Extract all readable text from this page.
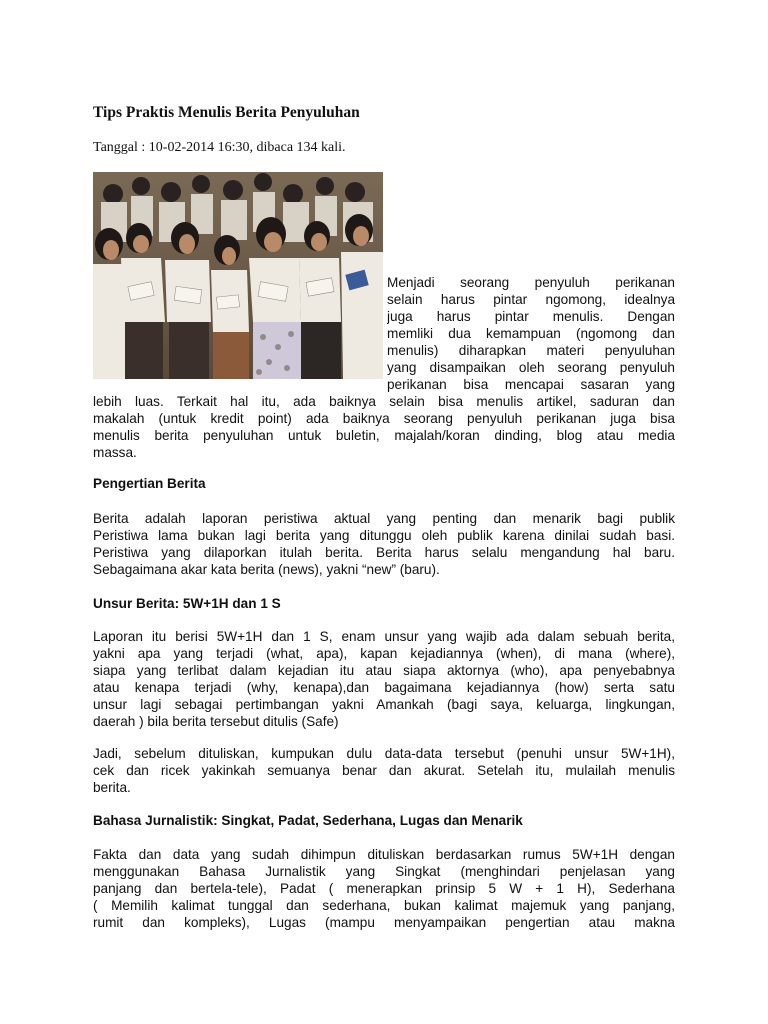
Tips Praktis Menulis Berita Penyuluhan
Tanggal : 10-02-2014 16:30, dibaca 134 kali.
Menjadi seorang penyuluh perikanan
selain harus pintar ngomong, idealnya
juga harus pintar menulis. Dengan
memliki dua kemampuan (ngomong dan
menulis) diharapkan materi penyuluhan
yang disampaikan oleh seorang penyuluh
perikanan bisa mencapai sasaran yang
lebih luas. Terkait hal itu, ada baiknya selain bisa menulis artikel, saduran dan
makalah (untuk kredit point) ada baiknya seorang penyuluh perikanan juga bisa
menulis berita penyuluhan untuk buletin, majalah/koran dinding, blog atau media
massa.
Pengertian Berita
Berita adalah laporan peristiwa aktual yang penting dan menarik bagi publik
Peristiwa lama bukan lagi berita yang ditunggu oleh publik karena dinilai sudah basi.
Peristiwa yang dilaporkan itulah berita. Berita harus selalu mengandung hal baru.
Sebagaimana akar kata berita (news), yakni “new” (baru).
Unsur Berita: 5W+1H dan 1 S
Laporan itu berisi 5W+1H dan 1 S, enam unsur yang wajib ada dalam sebuah berita,
yakni apa yang terjadi (what, apa), kapan kejadiannya (when), di mana (where),
siapa yang terlibat dalam kejadian itu atau siapa aktornya (who), apa penyebabnya
atau kenapa terjadi (why, kenapa),dan bagaimana kejadiannya (how) serta satu
unsur lagi sebagai pertimbangan yakni Amankah (bagi saya, keluarga, lingkungan,
daerah ) bila berita tersebut ditulis (Safe)
Jadi, sebelum dituliskan, kumpukan dulu data-data tersebut (penuhi unsur 5W+1H),
cek dan ricek yakinkah semuanya benar dan akurat. Setelah itu, mulailah menulis
berita.
Bahasa Jurnalistik: Singkat, Padat, Sederhana, Lugas dan Menarik
Fakta dan data yang sudah dihimpun dituliskan berdasarkan rumus 5W+1H dengan
menggunakan Bahasa Jurnalistik yang Singkat (menghindari penjelasan yang
panjang dan bertela-tele), Padat ( menerapkan prinsip 5 W + 1 H), Sederhana
( Memilih kalimat tunggal dan sederhana, bukan kalimat majemuk yang panjang,
rumit dan kompleks), Lugas (mampu menyampaikan pengertian atau makna
